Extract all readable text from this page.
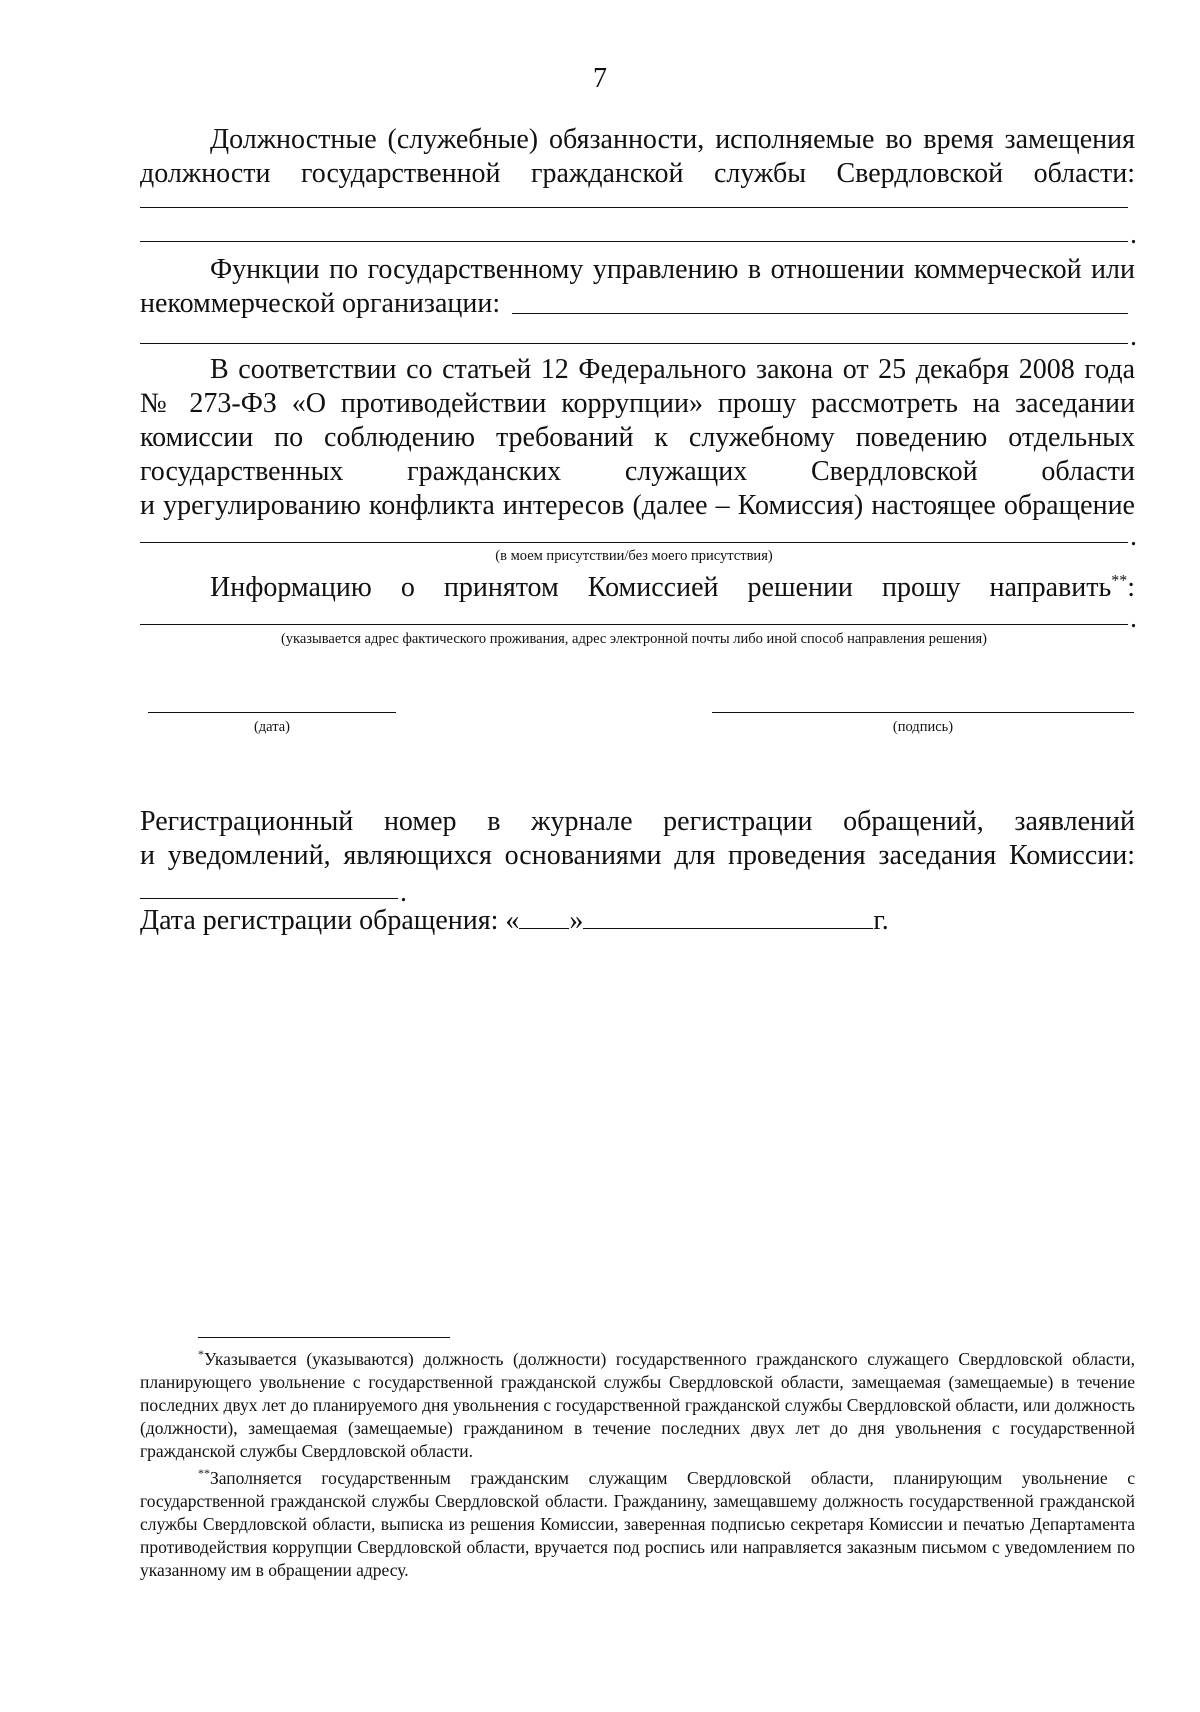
7
Должностные (служебные) обязанности, исполняемые во время замещения
должности государственной гражданской службы Свердловской области:
.
Функции по государственному управлению в отношении коммерческой или
некоммерческой организации:
.
В соответствии со статьей 12 Федерального закона от 25 декабря 2008 года
№ 273-ФЗ «О противодействии коррупции» прошу рассмотреть на заседании
комиссии по соблюдению требований к служебному поведению отдельных
государственных гражданских служащих Свердловской области
и урегулированию конфликта интересов (далее – Комиссия) настоящее обращение
.
(в моем присутствии/без моего присутствия)
Информацию о принятом Комиссией решении прошу направить**:
.
(указывается адрес фактического проживания, адрес электронной почты либо иной способ направления решения)
(дата)	(подпись)
Регистрационный номер в журнале регистрации обращений, заявлений
и уведомлений, являющихся основаниями для проведения заседания Комиссии:
.
Дата регистрации обращения: « »	г.

*Указывается (указываются) должность (должности) государственного гражданского служащего Свердловской области, планирующего увольнение с государственной гражданской службы Свердловской области, замещаемая (замещаемые) в течение последних двух лет до планируемого дня увольнения с государственной гражданской службы Свердловской области, или должность (должности), замещаемая (замещаемые) гражданином в течение последних двух лет до дня увольнения с государственной гражданской службы Свердловской области.

**Заполняется государственным гражданским служащим Свердловской области, планирующим увольнение с государственной гражданской службы Свердловской области. Гражданину, замещавшему должность государственной гражданской службы Свердловской области, выписка из решения Комиссии, заверенная подписью секретаря Комиссии и печатью Департамента противодействия коррупции Свердловской области, вручается под роспись или направляется заказным письмом с уведомлением по указанному им в обращении адресу.
